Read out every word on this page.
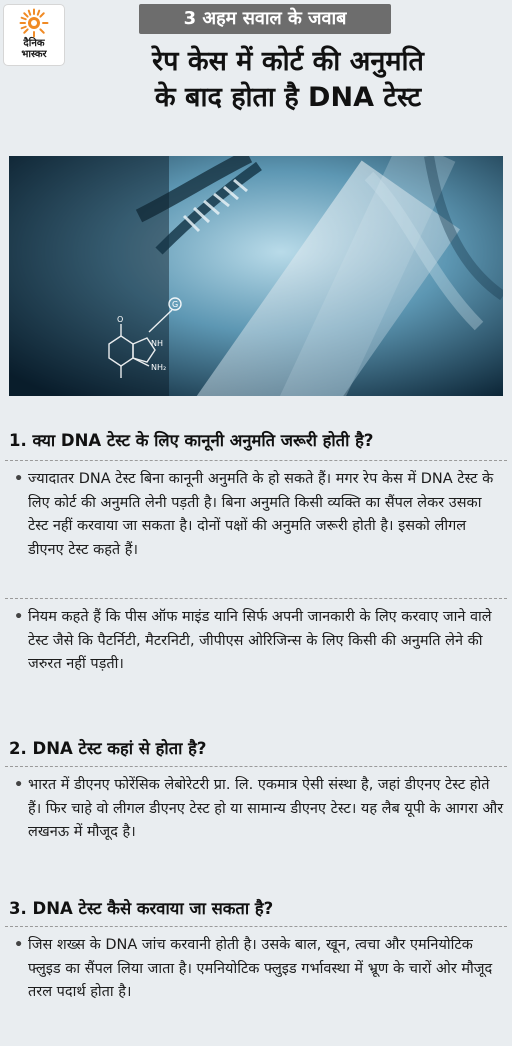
दैनिक
भास्कर
3 अहम सवाल के जवाब
रेप केस में कोर्ट की अनुमति
के बाद होता है DNA टेस्ट
G
O
NH
NH₂
1. क्या DNA टेस्ट के लिए कानूनी अनुमति जरूरी होती है?
• ज्यादातर DNA टेस्ट बिना कानूनी अनुमति के हो सकते हैं। मगर रेप केस में DNA टेस्ट के लिए कोर्ट की अनुमति लेनी पड़ती है। बिना अनुमति किसी व्यक्ति का सैंपल लेकर उसका टेस्ट नहीं करवाया जा सकता है। दोनों पक्षों की अनुमति जरूरी होती है। इसको लीगल डीएनए टेस्ट कहते हैं।
• नियम कहते हैं कि पीस ऑफ माइंड यानि सिर्फ अपनी जानकारी के लिए करवाए जाने वाले टेस्ट जैसे कि पैटर्निटी, मैटरनिटी, जीपीएस ओरिजिन्स के लिए किसी की अनुमति लेने की जरुरत नहीं पड़ती।
2. DNA टेस्ट कहां से होता है?
• भारत में डीएनए फोरेंसिक लेबोरेटरी प्रा. लि. एकमात्र ऐसी संस्था है, जहां डीएनए टेस्ट होते हैं। फिर चाहे वो लीगल डीएनए टेस्ट हो या सामान्य डीएनए टेस्ट। यह लैब यूपी के आगरा और लखनऊ में मौजूद है।
3. DNA टेस्ट कैसे करवाया जा सकता है?
• जिस शख्स के DNA जांच करवानी होती है। उसके बाल, खून, त्वचा और एमनियोटिक फ्लुइड का सैंपल लिया जाता है। एमनियोटिक फ्लुइड गर्भावस्था में भ्रूण के चारों ओर मौजूद तरल पदार्थ होता है।
